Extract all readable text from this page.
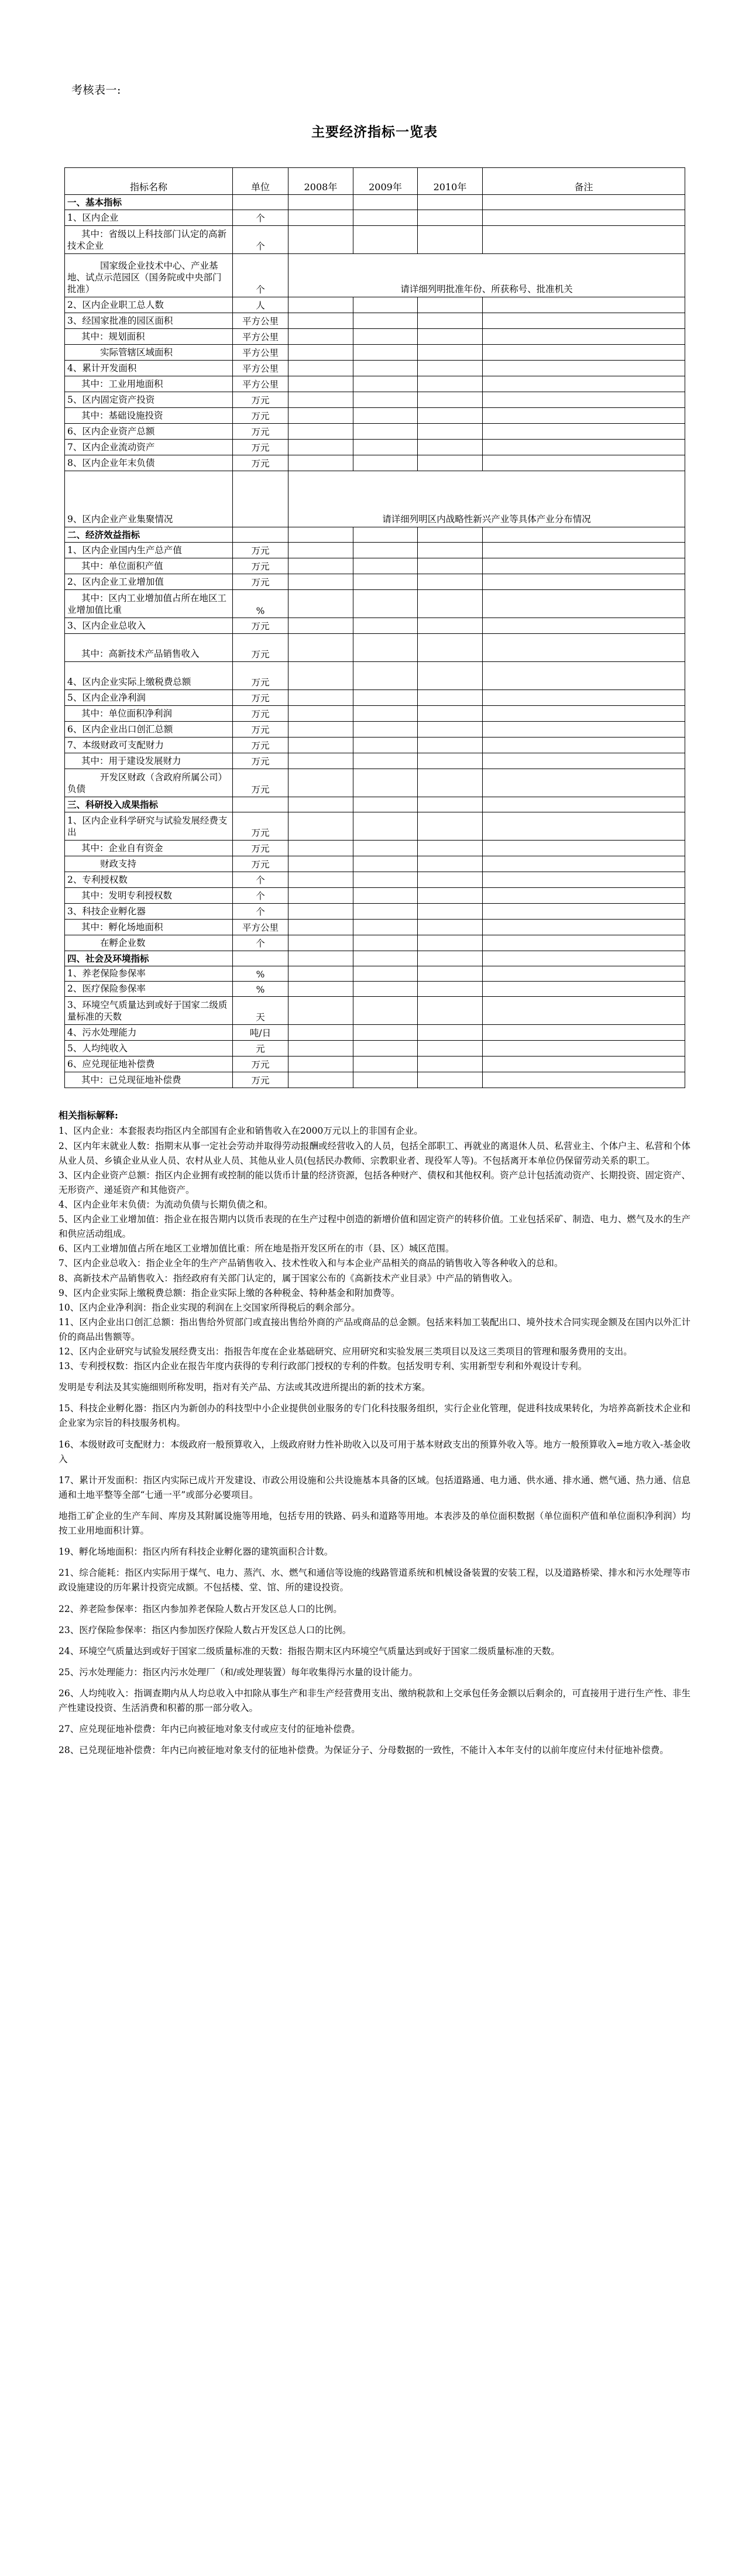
考核表一:
主要经济指标一览表
指标名称	单位	2008年	2009年	2010年	备注
一、基本指标					
1、区内企业	个				
其中：省级以上科技部门认定的高新技术企业	个				
国家级企业技术中心、产业基地、试点示范园区（国务院或中央部门批准）	个	请详细列明批准年份、所获称号、批准机关			
2、区内企业职工总人数	人				
3、经国家批准的园区面积	平方公里				
其中：规划面积	平方公里				
实际管辖区域面积	平方公里				
4、累计开发面积	平方公里				
其中：工业用地面积	平方公里				
5、区内固定资产投资	万元				
其中：基础设施投资	万元				
6、区内企业资产总额	万元				
7、区内企业流动资产	万元				
8、区内企业年末负债	万元				
9、区内企业产业集聚情况		请详细列明区内战略性新兴产业等具体产业分布情况			
二、经济效益指标					
1、区内企业国内生产总产值	万元				
其中：单位面积产值	万元				
2、区内企业工业增加值	万元				
其中：区内工业增加值占所在地区工业增加值比重	%				
3、区内企业总收入	万元				
其中：高新技术产品销售收入	万元				
4、区内企业实际上缴税费总额	万元				
5、区内企业净利润	万元				
其中：单位面积净利润	万元				
6、区内企业出口创汇总额	万元				
7、本级财政可支配财力	万元				
其中：用于建设发展财力	万元				
开发区财政（含政府所属公司）负债	万元				
三、科研投入成果指标					
1、区内企业科学研究与试验发展经费支出	万元				
其中：企业自有资金	万元				
财政支持	万元				
2、专利授权数	个				
其中：发明专利授权数	个				
3、科技企业孵化器	个				
其中：孵化场地面积	平方公里				
在孵企业数	个				
四、社会及环境指标					
1、养老保险参保率	%				
2、医疗保险参保率	%				
3、环境空气质量达到或好于国家二级质量标准的天数	天				
4、污水处理能力	吨/日				
5、人均纯收入	元				
6、应兑现征地补偿费	万元				
其中：已兑现征地补偿费	万元				
相关指标解释:

1、区内企业：本套报表均指区内全部国有企业和销售收入在2000万元以上的非国有企业。

2、区内年末就业人数：指期末从事一定社会劳动并取得劳动报酬或经营收入的人员，包括全部职工、再就业的离退休人员、私营业主、个体户主、私营和个体从业人员、乡镇企业从业人员、农村从业人员、其他从业人员(包括民办教师、宗教职业者、现役军人等)。不包括离开本单位仍保留劳动关系的职工。

3、区内企业资产总额：指区内企业拥有或控制的能以货币计量的经济资源，包括各种财产、债权和其他权利。资产总计包括流动资产、长期投资、固定资产、无形资产、递延资产和其他资产。

4、区内企业年末负债：为流动负债与长期负债之和。

5、区内企业工业增加值：指企业在报告期内以货币表现的在生产过程中创造的新增价值和固定资产的转移价值。工业包括采矿、制造、电力、燃气及水的生产和供应活动组成。

6、区内工业增加值占所在地区工业增加值比重：所在地是指开发区所在的市（县、区）城区范围。

7、区内企业总收入：指企业全年的生产产品销售收入、技术性收入和与本企业产品相关的商品的销售收入等各种收入的总和。

8、高新技术产品销售收入：指经政府有关部门认定的，属于国家公布的《高新技术产业目录》中产品的销售收入。

9、区内企业实际上缴税费总额：指企业实际上缴的各种税金、特种基金和附加费等。

10、区内企业净利润：指企业实现的利润在上交国家所得税后的剩余部分。

11、区内企业出口创汇总额：指出售给外贸部门或直接出售给外商的产品或商品的总金额。包括来料加工装配出口、境外技术合同实现金额及在国内以外汇计价的商品出售额等。

12、区内企业研究与试验发展经费支出：指报告年度在企业基础研究、应用研究和实验发展三类项目以及这三类项目的管理和服务费用的支出。

13、专利授权数：指区内企业在报告年度内获得的专利行政部门授权的专利的件数。包括发明专利、实用新型专利和外观设计专利。

发明是专利法及其实施细则所称发明，指对有关产品、方法或其改进所提出的新的技术方案。

15、科技企业孵化器：指区内为新创办的科技型中小企业提供创业服务的专门化科技服务组织，实行企业化管理，促进科技成果转化，为培养高新技术企业和企业家为宗旨的科技服务机构。

16、本级财政可支配财力：本级政府一般预算收入，上级政府财力性补助收入以及可用于基本财政支出的预算外收入等。地方一般预算收入=地方收入-基金收入

17、累计开发面积：指区内实际已成片开发建设、市政公用设施和公共设施基本具备的区域。包括道路通、电力通、供水通、排水通、燃气通、热力通、信息通和土地平整等全部“七通一平”或部分必要项目。

地指工矿企业的生产车间、库房及其附属设施等用地，包括专用的铁路、码头和道路等用地。本表涉及的单位面积数据（单位面积产值和单位面积净利润）均按工业用地面积计算。

19、孵化场地面积：指区内所有科技企业孵化器的建筑面积合计数。

21、综合能耗：指区内实际用于煤气、电力、蒸汽、水、燃气和通信等设施的线路管道系统和机械设备装置的安装工程，以及道路桥梁、排水和污水处理等市政设施建设的历年累计投资完成额。不包括楼、堂、馆、所的建设投资。

22、养老险参保率：指区内参加养老保险人数占开发区总人口的比例。

23、医疗保险参保率：指区内参加医疗保险人数占开发区总人口的比例。

24、环境空气质量达到或好于国家二级质量标准的天数：指报告期末区内环境空气质量达到或好于国家二级质量标准的天数。

25、污水处理能力：指区内污水处理厂（和/或处理装置）每年收集得污水量的设计能力。

26、人均纯收入：指调查期内从人均总收入中扣除从事生产和非生产经营费用支出、缴纳税款和上交承包任务金额以后剩余的，可直接用于进行生产性、非生产性建设投资、生活消费和积蓄的那一部分收入。

27、应兑现征地补偿费：年内已向被征地对象支付或应支付的征地补偿费。

28、已兑现征地补偿费：年内已向被征地对象支付的征地补偿费。为保证分子、分母数据的一致性，不能计入本年支付的以前年度应付未付征地补偿费。
